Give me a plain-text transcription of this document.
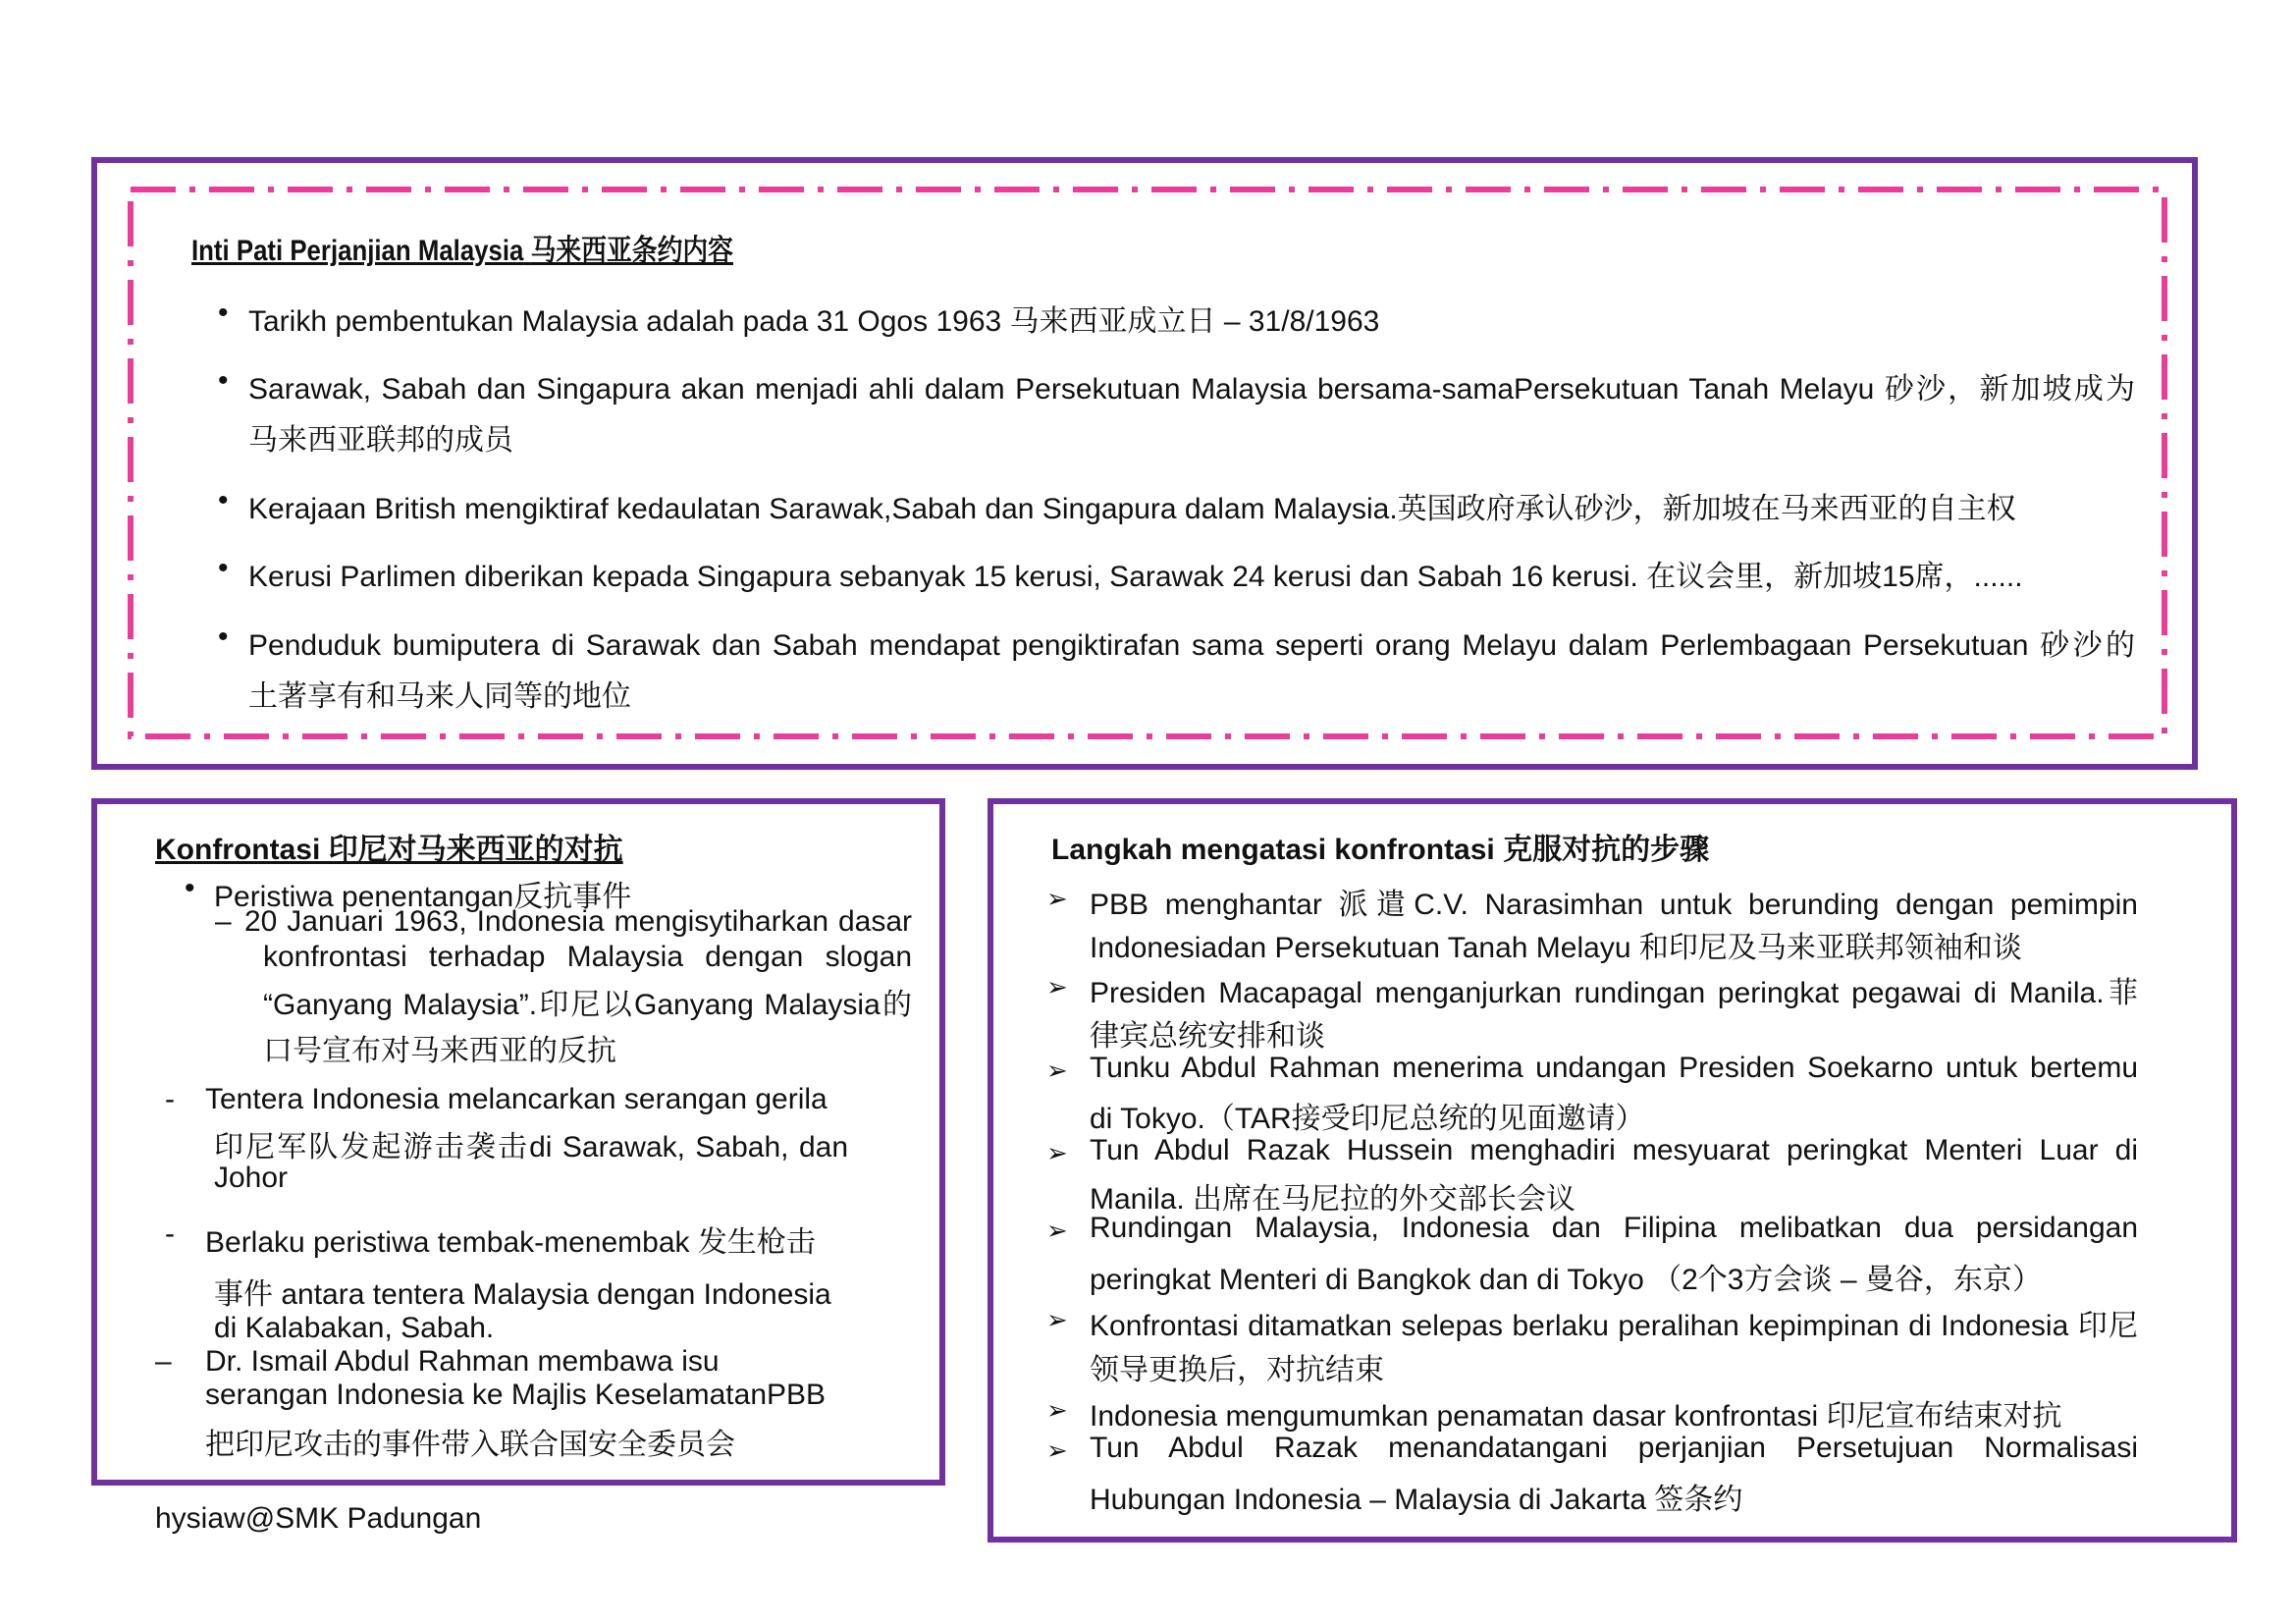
Inti Pati Perjanjian Malaysia 马来西亚条约内容
• Tarikh pembentukan Malaysia adalah pada 31 Ogos 1963 马来西亚成立日 – 31/8/1963
• Sarawak, Sabah dan Singapura akan menjadi ahli dalam Persekutuan Malaysia bersama-samaPersekutuan Tanah Melayu 砂沙，新加坡成为
马来西亚联邦的成员
• Kerajaan British mengiktiraf kedaulatan Sarawak,Sabah dan Singapura dalam Malaysia.英国政府承认砂沙，新加坡在马来西亚的自主权
• Kerusi Parlimen diberikan kepada Singapura sebanyak 15 kerusi, Sarawak 24 kerusi dan Sabah 16 kerusi. 在议会里，新加坡15席，......
• Penduduk bumiputera di Sarawak dan Sabah mendapat pengiktirafan sama seperti orang Melayu dalam Perlembagaan Persekutuan 砂沙的
土著享有和马来人同等的地位
Konfrontasi 印尼对马来西亚的对抗
• Peristiwa penentangan反抗事件
– 20 Januari 1963, Indonesia mengisytiharkan dasar
konfrontasi terhadap Malaysia dengan slogan
“Ganyang Malaysia”.印尼以Ganyang Malaysia的
口号宣布对马来西亚的反抗
- Tentera Indonesia melancarkan serangan gerila
印尼军队发起游击袭击di Sarawak, Sabah, dan
Johor
- Berlaku peristiwa tembak-menembak 发生枪击
事件 antara tentera Malaysia dengan Indonesia
di Kalabakan, Sabah.
– Dr. Ismail Abdul Rahman membawa isu
serangan Indonesia ke Majlis KeselamatanPBB
把印尼攻击的事件带入联合国安全委员会
Langkah mengatasi konfrontasi 克服对抗的步骤
➢ PBB menghantar 派遣C.V. Narasimhan untuk berunding dengan pemimpin
Indonesiadan Persekutuan Tanah Melayu 和印尼及马来亚联邦领袖和谈
➢ Presiden Macapagal menganjurkan rundingan peringkat pegawai di Manila.菲
律宾总统安排和谈
➢ Tunku Abdul Rahman menerima undangan Presiden Soekarno untuk bertemu
di Tokyo.（TAR接受印尼总统的见面邀请）
➢ Tun Abdul Razak Hussein menghadiri mesyuarat peringkat Menteri Luar di
Manila. 出席在马尼拉的外交部长会议
➢ Rundingan Malaysia, Indonesia dan Filipina melibatkan dua persidangan
peringkat Menteri di Bangkok dan di Tokyo （2个3方会谈 – 曼谷，东京）
➢ Konfrontasi ditamatkan selepas berlaku peralihan kepimpinan di Indonesia 印尼
领导更换后，对抗结束
➢ Indonesia mengumumkan penamatan dasar konfrontasi 印尼宣布结束对抗
➢ Tun Abdul Razak menandatangani perjanjian Persetujuan Normalisasi
Hubungan Indonesia – Malaysia di Jakarta 签条约
hysiaw@SMK Padungan
